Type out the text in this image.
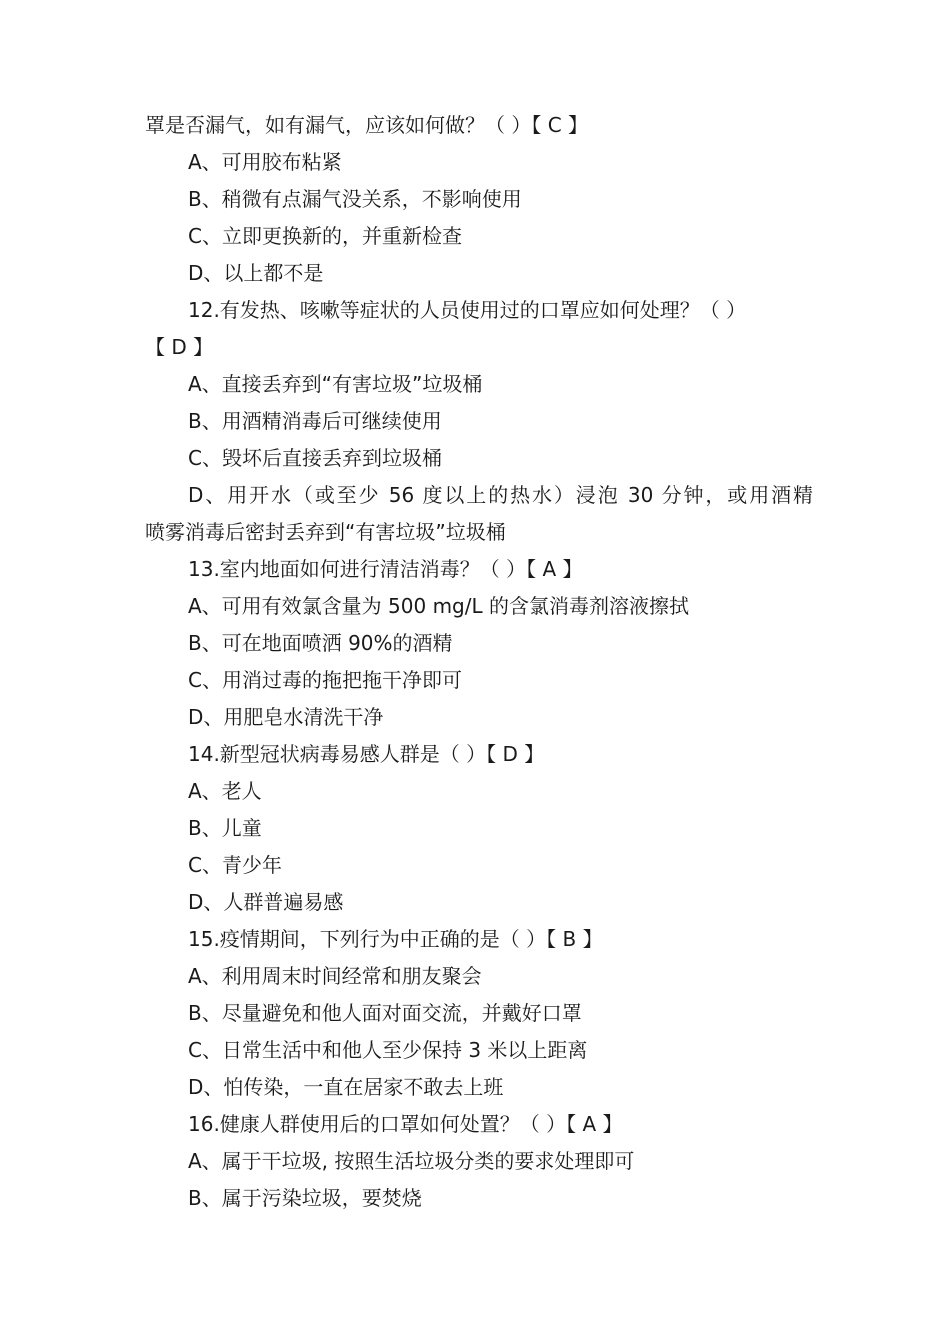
罩是否漏气，如有漏气，应该如何做？（ ）【 C 】
A、可用胶布粘紧
B、稍微有点漏气没关系，不影响使用
C、立即更换新的，并重新检查
D、以上都不是
12.有发热、咳嗽等症状的人员使用过的口罩应如何处理？（ ）
【 D 】
A、直接丢弃到“有害垃圾”垃圾桶
B、用酒精消毒后可继续使用
C、毁坏后直接丢弃到垃圾桶
D、用开水（或至少 56 度以上的热水）浸泡 30 分钟，或用酒精
喷雾消毒后密封丢弃到“有害垃圾”垃圾桶
13.室内地面如何进行清洁消毒？（ ）【 A 】
A、可用有效氯含量为 500 mg/L 的含氯消毒剂溶液擦拭
B、可在地面喷洒 90%的酒精
C、用消过毒的拖把拖干净即可
D、用肥皂水清洗干净
14.新型冠状病毒易感人群是（ ）【 D 】
A、老人
B、儿童
C、青少年
D、人群普遍易感
15.疫情期间，下列行为中正确的是（ ）【 B 】
A、利用周末时间经常和朋友聚会
B、尽量避免和他人面对面交流，并戴好口罩
C、日常生活中和他人至少保持 3 米以上距离
D、怕传染，一直在居家不敢去上班
16.健康人群使用后的口罩如何处置？（ ）【 A 】
A、属于干垃圾, 按照生活垃圾分类的要求处理即可
B、属于污染垃圾，要焚烧
